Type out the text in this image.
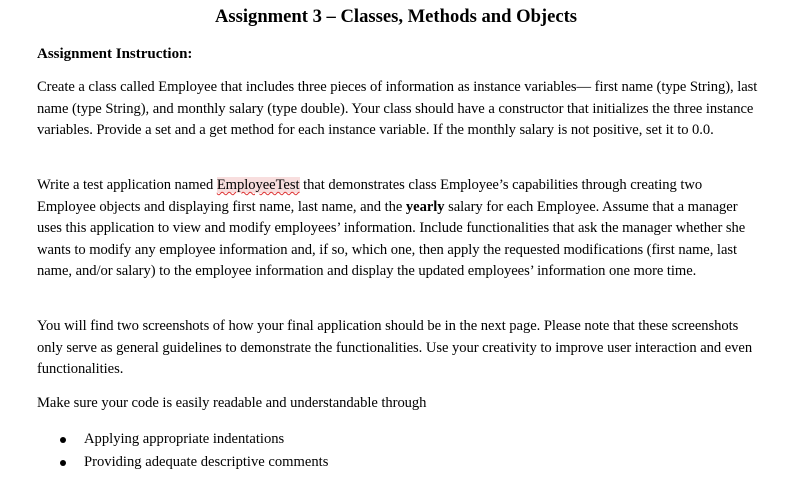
Assignment 3 – Classes, Methods and Objects
Assignment Instruction:

Create a class called Employee that includes three pieces of information as instance variables— first name (type String), last name (type String), and monthly salary (type double). Your class should have a constructor that initializes the three instance variables. Provide a set and a get method for each instance variable. If the monthly salary is not positive, set it to 0.0.

Write a test application named EmployeeTest that demonstrates class Employee’s capabilities through creating two Employee objects and displaying first name, last name, and the yearly salary for each Employee. Assume that a manager uses this application to view and modify employees’ information. Include functionalities that ask the manager whether she wants to modify any employee information and, if so, which one, then apply the requested modifications (first name, last name, and/or salary) to the employee information and display the updated employees’ information one more time.

You will find two screenshots of how your final application should be in the next page. Please note that these screenshots only serve as general guidelines to demonstrate the functionalities. Use your creativity to improve user interaction and even functionalities.

Make sure your code is easily readable and understandable through

Applying appropriate indentations
Providing adequate descriptive comments
